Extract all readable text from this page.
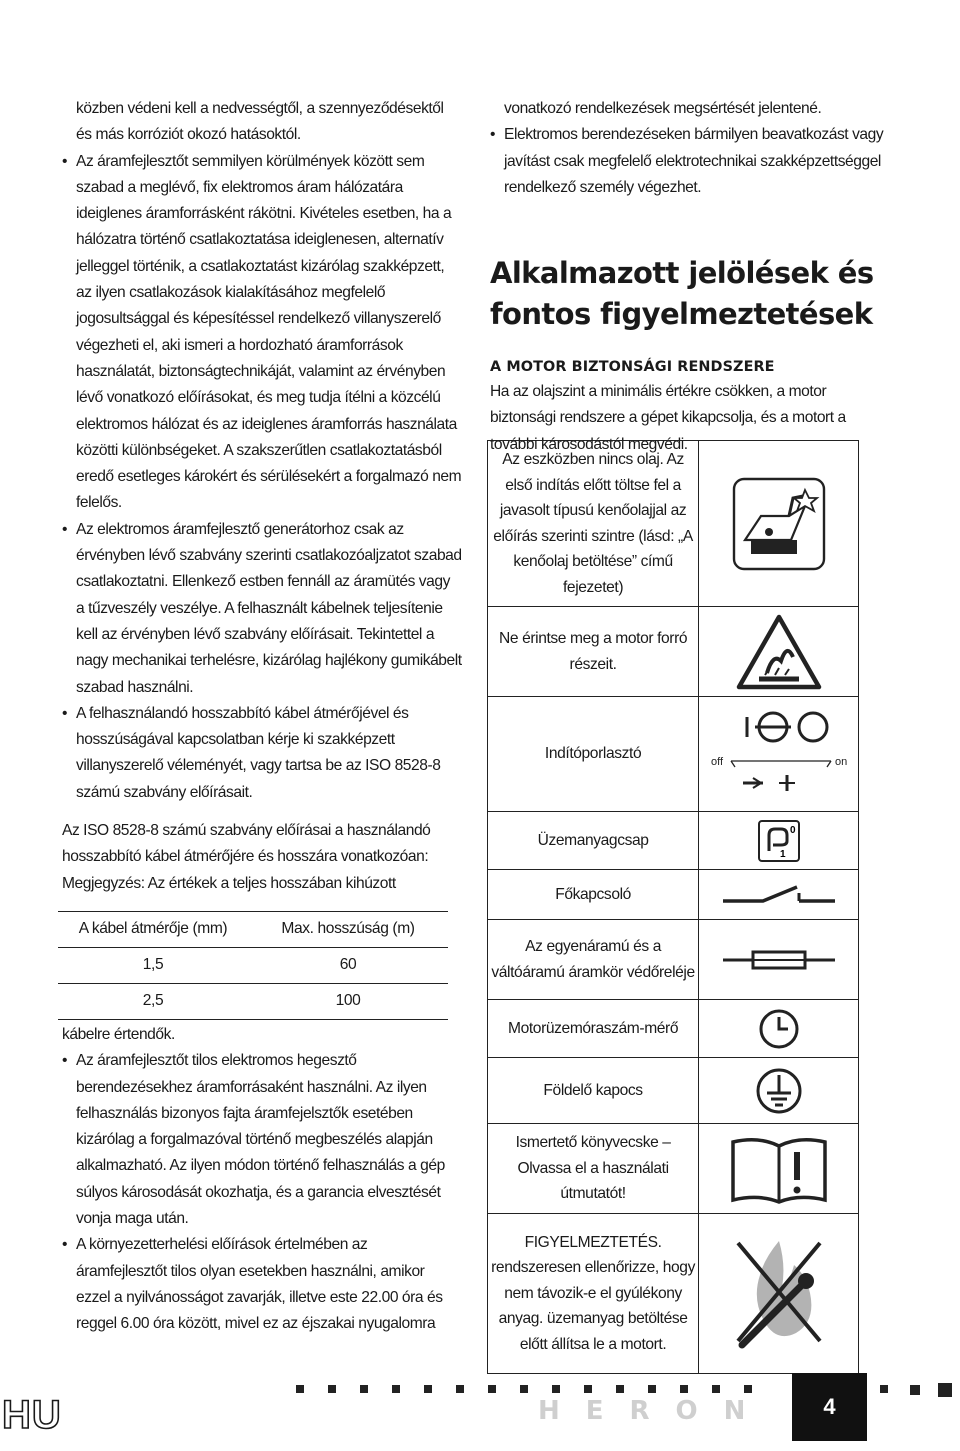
közben védeni kell a nedvességtől, a szennyeződésektől és más korróziót okozó hatásoktól.

• Az áramfejlesztőt semmilyen körülmények között sem szabad a meglévő, fix elektromos áram hálózatára ideiglenes áramforrásként rákötni. Kivételes esetben, ha a hálózatra történő csatlakoztatása ideiglenesen, alternatív jelleggel történik, a csatlakoztatást kizárólag szakképzett, az ilyen csatlakozások kialakításához megfelelő jogosultsággal és képesítéssel rendelkező villanyszerelő végezheti el, aki ismeri a hordozható áramforrások használatát, biztonságtechnikáját, valamint az érvényben lévő vonatkozó előírásokat, és meg tudja ítélni a közcélú elektromos hálózat és az ideiglenes áramforrás használata közötti különbségeket. A szakszerűtlen csatlakoztatásból eredő esetleges károkért és sérülésekért a forgalmazó nem felelős.

• Az elektromos áramfejlesztő generátorhoz csak az érvényben lévő szabvány szerinti csatlakozóaljzatot szabad csatlakoztatni. Ellenkező estben fennáll az áramütés vagy a tűzveszély veszélye. A felhasznált kábelnek teljesítenie kell az érvényben lévő szabvány előírásait. Tekintettel a nagy mechanikai terhelésre, kizárólag hajlékony gumikábelt szabad használni.

• A felhasználandó hosszabbító kábel átmérőjével és hosszúságával kapcsolatban kérje ki szakképzett villanyszerelő véleményét, vagy tartsa be az ISO 8528-8 számú szabvány előírásait.

Az ISO 8528-8 számú szabvány előírásai a használandó hosszabbító kábel átmérőjére és hosszára vonatkozóan: Megjegyzés: Az értékek a teljes hosszában kihúzott

A kábel átmérője (mm)	Max. hosszúság (m)
1,5	60
2,5	100

kábelre értendők.

• Az áramfejlesztőt tilos elektromos hegesztő berendezésekhez áramforrásaként használni. Az ilyen felhasználás bizonyos fajta áramfejelsztők esetében kizárólag a forgalmazóval történő megbeszélés alapján alkalmazható. Az ilyen módon történő felhasználás a gép súlyos károsodását okozhatja, és a garancia elvesztését vonja maga után.

• A környezetterhelési előírások értelmében az áramfejlesztőt tilos olyan esetekben használni, amikor ezzel a nyilvánosságot zavarják, illetve este 22.00 óra és reggel 6.00 óra között, mivel ez az éjszakai nyugalomra

vonatkozó rendelkezések megsértését jelentené.

• Elektromos berendezéseken bármilyen beavatkozást vagy javítást csak megfelelő elektrotechnikai szakképzettséggel rendelkező személy végezhet.

Alkalmazott jelölések és fontos figyelmeztetések
A MOTOR BIZTONSÁGI RENDSZERE

Ha az olajszint a minimális értékre csökken, a motor biztonsági rendszere a gépet kikapcsolja, és a motort a további károsodástól megvédi.

Az eszközben nincs olaj. Az első indítás előtt töltse fel a javasolt típusú kenőolajjal az előírás szerinti szintre (lásd: „A kenőolaj betöltése” című fejezetet)	

Ne érintse meg a motor forró részeit.	

Indítóporlasztó	off on

Üzemanyagcsap	0
1

Főkapcsoló	

Az egyenáramú és a váltóáramú áramkör védőreléje	

Motorüzemóraszám-mérő	

Földelő kapocs	

Ismertető könyvecske – Olvassa el a használati útmutatót!	

FIGYELMEZTETÉS. rendszeresen ellenőrizze, hogy nem távozik-e el gyúlékony anyag. üzemanyag betöltése előtt állítsa le a motort.	
HU	HERON	4
